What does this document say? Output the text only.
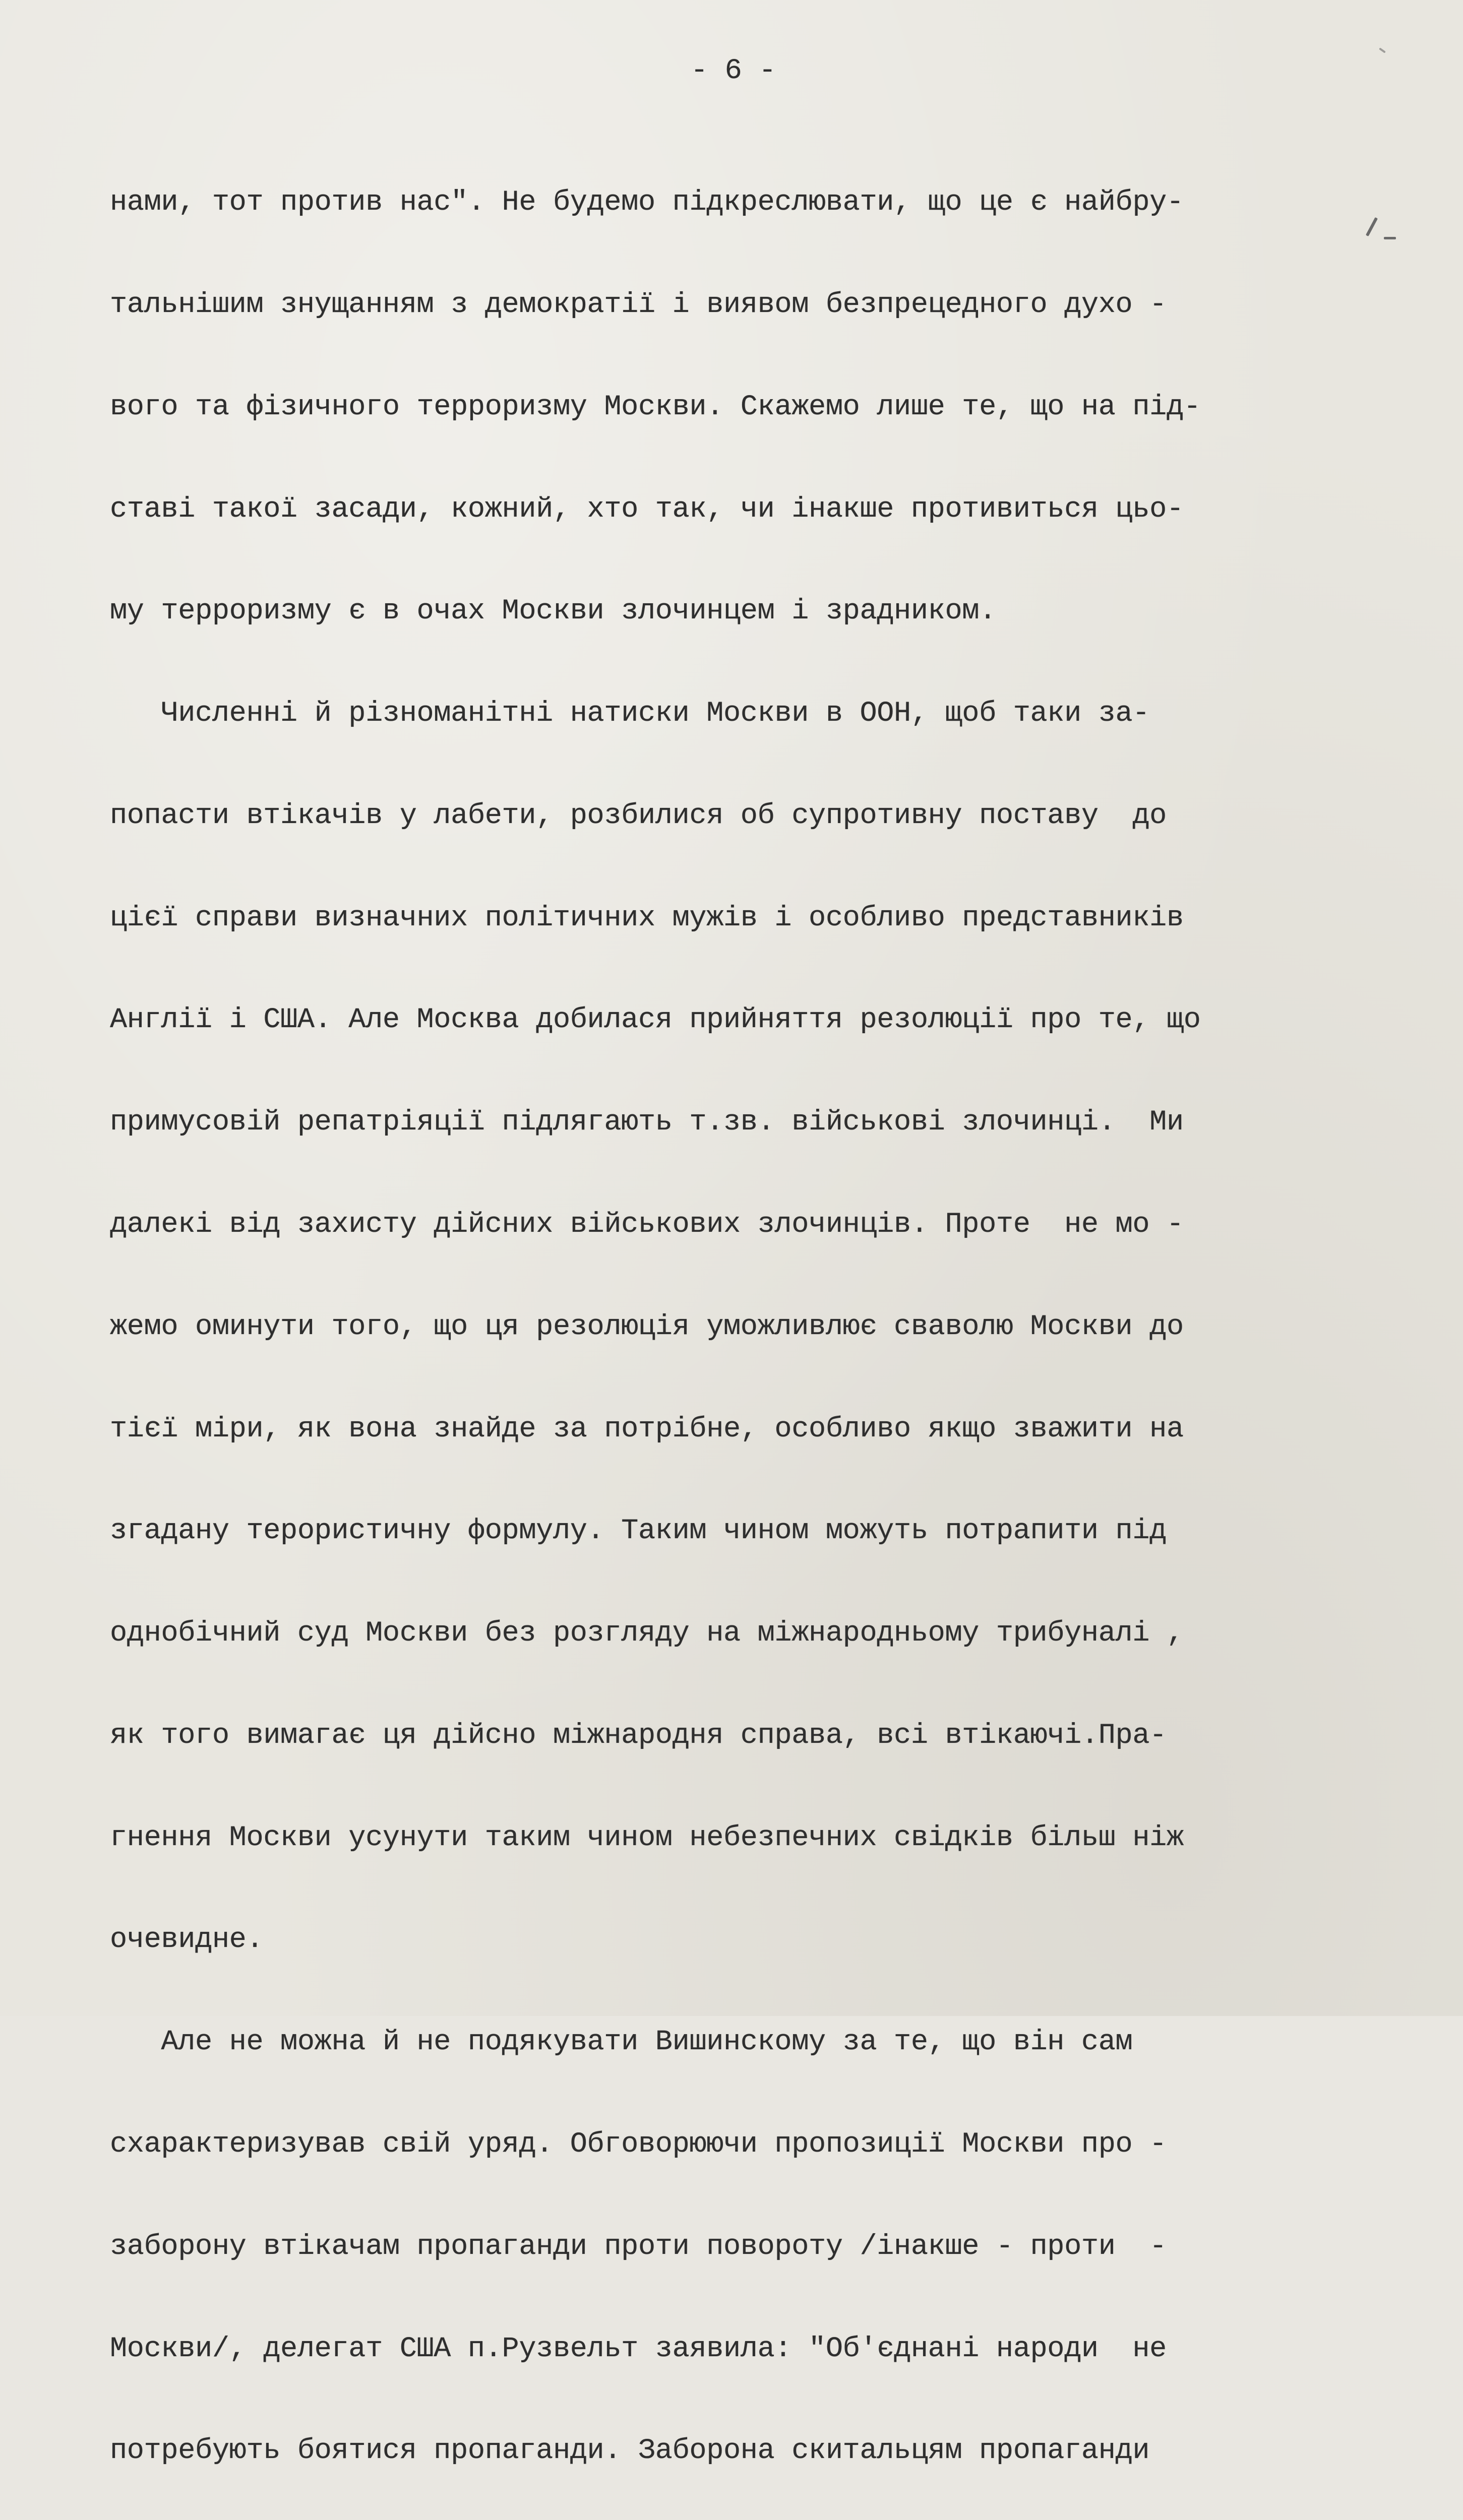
- 6 -

нами, тот против нас". Не будемо підкреслювати, що це є найбру-

тальнішим знущанням з демократії і виявом безпрецедного духо -

вого та фізичного терроризму Москви. Скажемо лише те, що на під-

ставі такої засади, кожний, хто так, чи інакше противиться цьо-

му терроризму є в очах Москви злочинцем і зрадником.

Численні й різноманітні натиски Москви в ООН, щоб таки за-

попасти втікачів у лабети, розбилися об супротивну поставу  до

цієї справи визначних політичних мужів і особливо представників

Англії і США. Але Москва добилася прийняття резолюції про те, що

примусовій репатріяції підлягають т.зв. військові злочинці.  Ми

далекі від захисту дійсних військових злочинців. Проте  не мо -

жемо оминути того, що ця резолюція уможливлює сваволю Москви до

тієї міри, як вона знайде за потрібне, особливо якщо зважити на

згадану терористичну формулу. Таким чином можуть потрапити під

однобічний суд Москви без розгляду на міжнародньому трибуналі ,

як того вимагає ця дійсно міжнародня справа, всі втікаючі.Пра-

гнення Москви усунути таким чином небезпечних свідків більш ніж

очевидне.

Але не можна й не подякувати Вишинскому за те, що він сам

схарактеризував свій уряд. Обговорюючи пропозиції Москви про -

заборону втікачам пропаганди проти повороту /інакше - проти  -

Москви/, делегат США п.Рузвельт заявила: "Об'єднані народи  не

потребують боятися пропаганди. Заборона скитальцям пропаганди
